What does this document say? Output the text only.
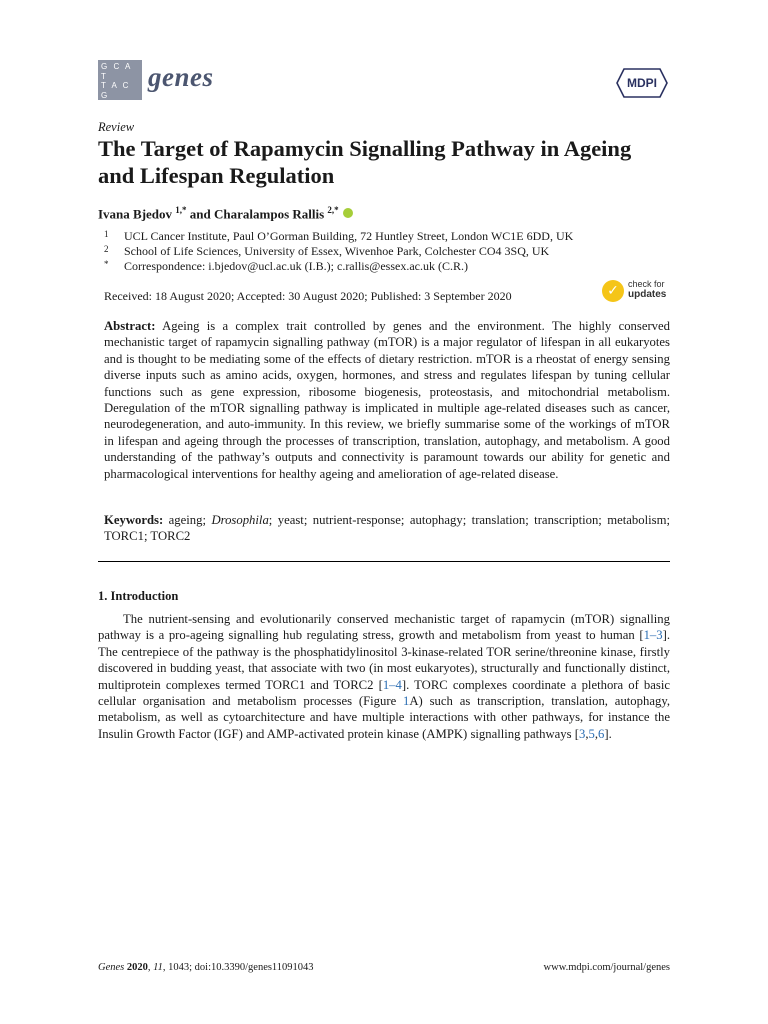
G C A T
T A C G
G C A T
genes	MDPI
Review
The Target of Rapamycin Signalling Pathway in Ageing and Lifespan Regulation
Ivana Bjedov $^{1,*}$ and Charalampos Rallis $^{2,*}$
1 UCL Cancer Institute, Paul O’Gorman Building, 72 Huntley Street, London WC1E 6DD, UK
2 School of Life Sciences, University of Essex, Wivenhoe Park, Colchester CO4 3SQ, UK
* Correspondence: i.bjedov@ucl.ac.uk (I.B.); c.rallis@essex.ac.uk (C.R.)
Received: 18 August 2020; Accepted: 30 August 2020; Published: 3 September 2020	✓	check for
updates
Abstract: Ageing is a complex trait controlled by genes and the environment. The highly conserved mechanistic target of rapamycin signalling pathway (mTOR) is a major regulator of lifespan in all eukaryotes and is thought to be mediating some of the effects of dietary restriction. mTOR is a rheostat of energy sensing diverse inputs such as amino acids, oxygen, hormones, and stress and regulates lifespan by tuning cellular functions such as gene expression, ribosome biogenesis, proteostasis, and mitochondrial metabolism. Deregulation of the mTOR signalling pathway is implicated in multiple age-related diseases such as cancer, neurodegeneration, and auto-immunity. In this review, we briefly summarise some of the workings of mTOR in lifespan and ageing through the processes of transcription, translation, autophagy, and metabolism. A good understanding of the pathway’s outputs and connectivity is paramount towards our ability for genetic and pharmacological interventions for healthy ageing and amelioration of age-related disease.
Keywords: ageing; Drosophila; yeast; nutrient-response; autophagy; translation; transcription; metabolism; TORC1; TORC2
1. Introduction
The nutrient-sensing and evolutionarily conserved mechanistic target of rapamycin (mTOR) signalling pathway is a pro-ageing signalling hub regulating stress, growth and metabolism from yeast to human [1–3]. The centrepiece of the pathway is the phosphatidylinositol 3-kinase-related TOR serine/threonine kinase, firstly discovered in budding yeast, that associate with two (in most eukaryotes), structurally and functionally distinct, multiprotein complexes termed TORC1 and TORC2 [1–4]. TORC complexes coordinate a plethora of basic cellular organisation and metabolism processes (Figure 1A) such as transcription, translation, autophagy, metabolism, as well as cytoarchitecture and have multiple interactions with other pathways, for instance the Insulin Growth Factor (IGF) and AMP-activated protein kinase (AMPK) signalling pathways [3,5,6].
Genes 2020, 11, 1043; doi:10.3390/genes11091043	www.mdpi.com/journal/genes
